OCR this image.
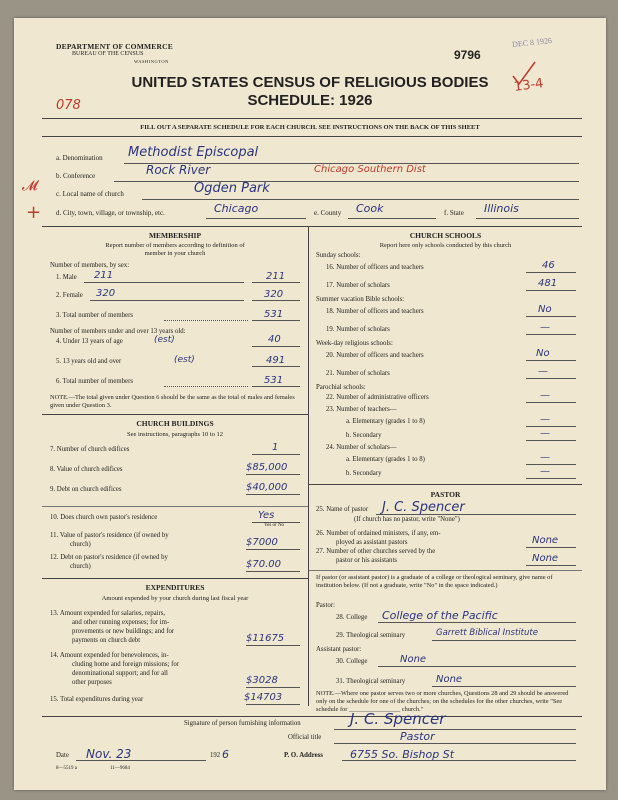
DEPARTMENT OF COMMERCE
BUREAU OF THE CENSUS
WASHINGTON	9796
DEC 8 1926
13-4
UNITED STATES CENSUS OF RELIGIOUS BODIES
SCHEDULE: 1926
078
FILL OUT A SEPARATE SCHEDULE FOR EACH CHURCH. SEE INSTRUCTIONS ON THE BACK OF THIS SHEET
𝓜
+
a. Denomination Methodist Episcopal
b. Conference	Rock River	Chicago Southern Dist
c. Local name of church	Ogden Park
d. City, town, village, or township, etc.	Chicago	e. County Cook	f. State Illinois
MEMBERSHIP
Report number of members according to definition of
member in your church
Number of members, by sex:
1. Male 211	211
2. Female 320	320
3. Total number of members	531
Number of members under and over 13 years old:
4. Under 13 years of age	(est)	40
5. 13 years old and over	(est)	491
6. Total number of members	531
NOTE.—The total given under Question 6 should be the same as the total of males and females given under Question 3.
CHURCH BUILDINGS
See instructions, paragraphs 10 to 12
7. Number of church edifices	1
8. Value of church edifices	$85,000
9. Debt on church edifices	$40,000
10. Does church own pastor's residence	Yes
Yes or No
11. Value of pastor's residence (if owned by
church)	$7000
12. Debt on pastor's residence (if owned by
church)	$70.00
EXPENDITURES
Amount expended by your church during last fiscal year
13. Amount expended for salaries, repairs,
and other running expenses; for im-
provements or new buildings; and for
payments on church debt	$11675
14. Amount expended for benevolences, in-
cluding home and foreign missions; for
denominational support; and for all
other purposes	$3028
15. Total expenditures during year	$14703
CHURCH SCHOOLS
Report here only schools conducted by this church
Sunday schools:
16. Number of officers and teachers	46
17. Number of scholars	481
Summer vacation Bible schools:
18. Number of officers and teachers	No
19. Number of scholars	—
Week-day religious schools:
20. Number of officers and teachers	No
21. Number of scholars	—
Parochial schools:
22. Number of administrative officers	—
23. Number of teachers—
a. Elementary (grades 1 to 8)	—
b. Secondary	—
24. Number of scholars—
a. Elementary (grades 1 to 8)	—
b. Secondary	—
PASTOR
25. Name of pastor J. C. Spencer
(If church has no pastor, write "None")
26. Number of ordained ministers, if any, em-
ployed as assistant pastors	None
27. Number of other churches served by the
pastor or his assistants	None
If pastor (or assistant pastor) is a graduate of a college or theological seminary, give name of institution below. (If not a graduate, write "No" in the space indicated.)
Pastor:
28. College College of the Pacific
29. Theological seminary	Garrett Biblical Institute
Assistant pastor:
30. College	None
31. Theological seminary	None
NOTE.—Where one pastor serves two or more churches, Questions 28 and 29 should be answered only on the schedule for one of the churches; on the schedules for the other churches, write "See schedule for ________________ church."
Signature of person furnishing information	J. C. Spencer
Official title	Pastor
Date Nov. 23	192 6	P. O. Address 6755 So. Bishop St
8—5519 a	11—9684
